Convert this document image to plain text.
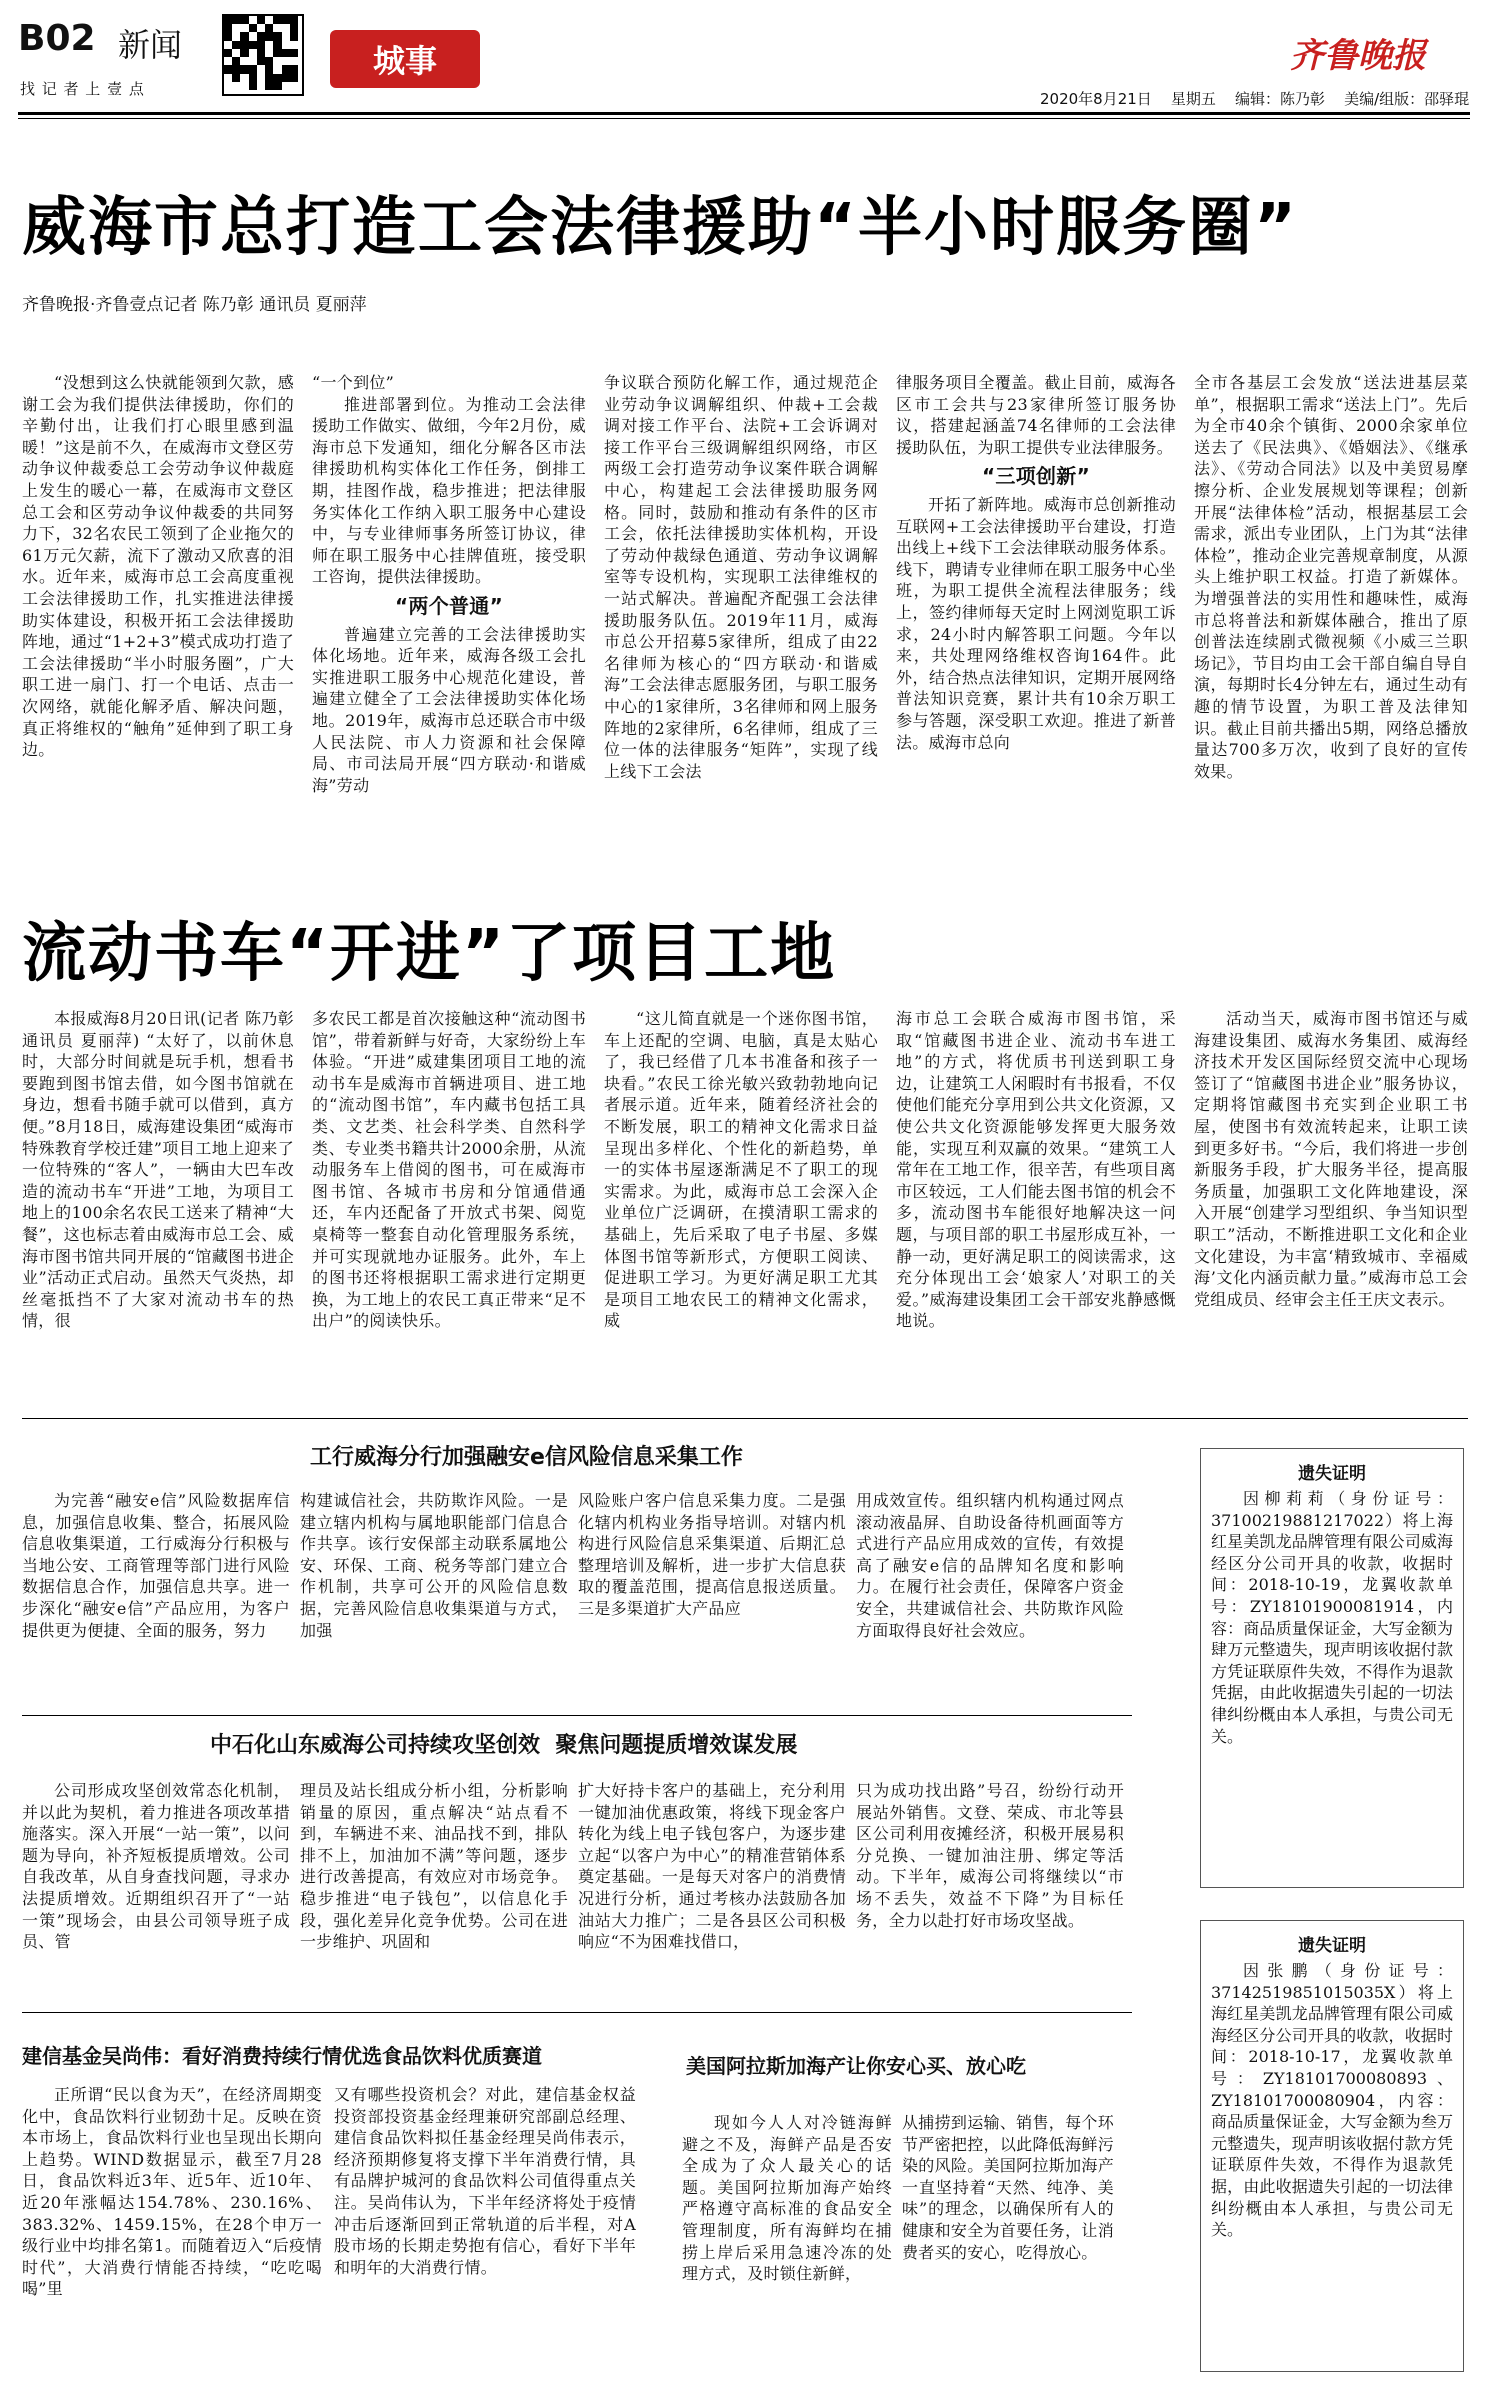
B02 新闻
找 记 者 上 壹 点
城事	齐鲁晚报
2020年8月21日 星期五 编辑：陈乃彰 美编/组版：邵驿琨
威海市总打造工会法律援助“半小时服务圈”
齐鲁晚报·齐鲁壹点记者 陈乃彰 通讯员 夏丽萍

“没想到这么快就能领到欠款，感谢工会为我们提供法律援助，你们的辛勤付出，让我们打心眼里感到温暖！”这是前不久，在威海市文登区劳动争议仲裁委总工会劳动争议仲裁庭上发生的暖心一幕，在威海市文登区总工会和区劳动争议仲裁委的共同努力下，32名农民工领到了企业拖欠的61万元欠薪，流下了激动又欣喜的泪水。近年来，威海市总工会高度重视工会法律援助工作，扎实推进法律援助实体建设，积极开拓工会法律援助阵地，通过“1+2+3”模式成功打造了工会法律援助“半小时服务圈”，广大职工进一扇门、打一个电话、点击一次网络，就能化解矛盾、解决问题，真正将维权的“触角”延伸到了职工身边。

“一个到位”

推进部署到位。为推动工会法律援助工作做实、做细，今年2月份，威海市总下发通知，细化分解各区市法律援助机构实体化工作任务，倒排工期，挂图作战，稳步推进；把法律服务实体化工作纳入职工服务中心建设中，与专业律师事务所签订协议，律师在职工服务中心挂牌值班，接受职工咨询，提供法律援助。

“两个普通”

普遍建立完善的工会法律援助实体化场地。近年来，威海各级工会扎实推进职工服务中心规范化建设，普遍建立健全了工会法律援助实体化场地。2019年，威海市总还联合市中级人民法院、市人力资源和社会保障局、市司法局开展“四方联动·和谐威海”劳动

争议联合预防化解工作，通过规范企业劳动争议调解组织、仲裁+工会裁调对接工作平台、法院+工会诉调对接工作平台三级调解组织网络，市区两级工会打造劳动争议案件联合调解中心，构建起工会法律援助服务网格。同时，鼓励和推动有条件的区市工会，依托法律援助实体机构，开设了劳动仲裁绿色通道、劳动争议调解室等专设机构，实现职工法律维权的一站式解决。普遍配齐配强工会法律援助服务队伍。2019年11月，威海市总公开招募5家律所，组成了由22名律师为核心的“四方联动·和谐威海”工会法律志愿服务团，与职工服务中心的1家律所，3名律师和网上服务阵地的2家律所，6名律师，组成了三位一体的法律服务“矩阵”，实现了线上线下工会法

律服务项目全覆盖。截止目前，威海各区市工会共与23家律所签订服务协议，搭建起涵盖74名律师的工会法律援助队伍，为职工提供专业法律服务。

“三项创新”

开拓了新阵地。威海市总创新推动互联网+工会法律援助平台建设，打造出线上+线下工会法律联动服务体系。线下，聘请专业律师在职工服务中心坐班，为职工提供全流程法律服务；线上，签约律师每天定时上网浏览职工诉求，24小时内解答职工问题。今年以来，共处理网络维权咨询164件。此外，结合热点法律知识，定期开展网络普法知识竞赛，累计共有10余万职工参与答题，深受职工欢迎。推进了新普法。威海市总向

全市各基层工会发放“送法进基层菜单”，根据职工需求“送法上门”。先后为全市40余个镇街、2000余家单位送去了《民法典》、《婚姻法》、《继承法》、《劳动合同法》以及中美贸易摩擦分析、企业发展规划等课程；创新开展“法律体检”活动，根据基层工会需求，派出专业团队，上门为其“法律体检”，推动企业完善规章制度，从源头上维护职工权益。打造了新媒体。为增强普法的实用性和趣味性，威海市总将普法和新媒体融合，推出了原创普法连续剧式微视频《小威三兰职场记》，节目均由工会干部自编自导自演，每期时长4分钟左右，通过生动有趣的情节设置，为职工普及法律知识。截止目前共播出5期，网络总播放量达700多万次，收到了良好的宣传效果。

流动书车“开进”了项目工地

本报威海8月20日讯(记者 陈乃彰 通讯员 夏丽萍) “太好了，以前休息时，大部分时间就是玩手机，想看书要跑到图书馆去借，如今图书馆就在身边，想看书随手就可以借到，真方便。”8月18日，威海建设集团“威海市特殊教育学校迁建”项目工地上迎来了一位特殊的“客人”，一辆由大巴车改造的流动书车“开进”工地，为项目工地上的100余名农民工送来了精神“大餐”，这也标志着由威海市总工会、威海市图书馆共同开展的“馆藏图书进企业”活动正式启动。虽然天气炎热，却丝毫抵挡不了大家对流动书车的热情，很

多农民工都是首次接触这种“流动图书馆”，带着新鲜与好奇，大家纷纷上车体验。“开进”威建集团项目工地的流动书车是威海市首辆进项目、进工地的“流动图书馆”，车内藏书包括工具类、文艺类、社会科学类、自然科学类、专业类书籍共计2000余册，从流动服务车上借阅的图书，可在威海市图书馆、各城市书房和分馆通借通还，车内还配备了开放式书架、阅览桌椅等一整套自动化管理服务系统，并可实现就地办证服务。此外，车上的图书还将根据职工需求进行定期更换，为工地上的农民工真正带来“足不出户”的阅读快乐。

“这儿简直就是一个迷你图书馆，车上还配的空调、电脑，真是太贴心了，我已经借了几本书准备和孩子一块看。”农民工徐光敏兴致勃勃地向记者展示道。近年来，随着经济社会的不断发展，职工的精神文化需求日益呈现出多样化、个性化的新趋势，单一的实体书屋逐渐满足不了职工的现实需求。为此，威海市总工会深入企业单位广泛调研，在摸清职工需求的基础上，先后采取了电子书屋、多媒体图书馆等新形式，方便职工阅读、促进职工学习。为更好满足职工尤其是项目工地农民工的精神文化需求，威

海市总工会联合威海市图书馆，采取“馆藏图书进企业、流动书车进工地”的方式，将优质书刊送到职工身边，让建筑工人闲暇时有书报看，不仅使他们能充分享用到公共文化资源，又使公共文化资源能够发挥更大服务效能，实现互利双赢的效果。“建筑工人常年在工地工作，很辛苦，有些项目离市区较远，工人们能去图书馆的机会不多，流动图书车能很好地解决这一问题，与项目部的职工书屋形成互补，一静一动，更好满足职工的阅读需求，这充分体现出工会‘娘家人’对职工的关爱。”威海建设集团工会干部安兆静感慨地说。

活动当天，威海市图书馆还与威海建设集团、威海水务集团、威海经济技术开发区国际经贸交流中心现场签订了“馆藏图书进企业”服务协议，定期将馆藏图书充实到企业职工书屋，使图书有效流转起来，让职工读到更多好书。“今后，我们将进一步创新服务手段，扩大服务半径，提高服务质量，加强职工文化阵地建设，深入开展“创建学习型组织、争当知识型职工”活动，不断推进职工文化和企业文化建设，为丰富‘精致城市、幸福威海’文化内涵贡献力量。”威海市总工会党组成员、经审会主任王庆文表示。

工行威海分行加强融安e信风险信息采集工作

为完善“融安e信”风险数据库信息，加强信息收集、整合，拓展风险信息收集渠道，工行威海分行积极与当地公安、工商管理等部门进行风险数据信息合作，加强信息共享。进一步深化“融安e信”产品应用，为客户提供更为便捷、全面的服务，努力

构建诚信社会，共防欺诈风险。一是建立辖内机构与属地职能部门信息合作共享。该行安保部主动联系属地公安、环保、工商、税务等部门建立合作机制，共享可公开的风险信息数据，完善风险信息收集渠道与方式，加强

风险账户客户信息采集力度。二是强化辖内机构业务指导培训。对辖内机构进行风险信息采集渠道、后期汇总整理培训及解析，进一步扩大信息获取的覆盖范围，提高信息报送质量。三是多渠道扩大产品应

用成效宣传。组织辖内机构通过网点滚动液晶屏、自助设备待机画面等方式进行产品应用成效的宣传，有效提高了融安e信的品牌知名度和影响力。在履行社会责任，保障客户资金安全，共建诚信社会、共防欺诈风险方面取得良好社会效应。

中石化山东威海公司持续攻坚创效  聚焦问题提质增效谋发展

公司形成攻坚创效常态化机制，并以此为契机，着力推进各项改革措施落实。深入开展“一站一策”，以问题为导向，补齐短板提质增效。公司自我改革，从自身查找问题，寻求办法提质增效。近期组织召开了“一站一策”现场会，由县公司领导班子成员、管

理员及站长组成分析小组，分析影响销量的原因，重点解决“站点看不到，车辆进不来、油品找不到，排队排不上，加油加不满”等问题，逐步进行改善提高，有效应对市场竞争。稳步推进“电子钱包”，以信息化手段，强化差异化竞争优势。公司在进一步维护、巩固和

扩大好持卡客户的基础上，充分利用一键加油优惠政策，将线下现金客户转化为线上电子钱包客户，为逐步建立起“以客户为中心”的精准营销体系奠定基础。一是每天对客户的消费情况进行分析，通过考核办法鼓励各加油站大力推广；二是各县区公司积极响应“不为困难找借口，

只为成功找出路”号召，纷纷行动开展站外销售。文登、荣成、市北等县区公司利用夜摊经济，积极开展易积分兑换、一键加油注册、绑定等活动。下半年，威海公司将继续以“市场不丢失，效益不下降”为目标任务，全力以赴打好市场攻坚战。

建信基金吴尚伟：看好消费持续行情优选食品饮料优质赛道

正所谓“民以食为天”，在经济周期变化中，食品饮料行业韧劲十足。反映在资本市场上，食品饮料行业也呈现出长期向上趋势。WIND数据显示，截至7月28日，食品饮料近3年、近5年、近10年、近20年涨幅达154.78%、230.16%、383.32%、1459.15%，在28个申万一级行业中均排名第1。而随着迈入“后疫情时代”，大消费行情能否持续，“吃吃喝喝”里

又有哪些投资机会？对此，建信基金权益投资部投资基金经理兼研究部副总经理、建信食品饮料拟任基金经理吴尚伟表示，经济预期修复将支撑下半年消费行情，具有品牌护城河的食品饮料公司值得重点关注。吴尚伟认为，下半年经济将处于疫情冲击后逐渐回到正常轨道的后半程，对A股市场的长期走势抱有信心，看好下半年和明年的大消费行情。

美国阿拉斯加海产让你安心买、放心吃

现如今人人对冷链海鲜避之不及，海鲜产品是否安全成为了众人最关心的话题。美国阿拉斯加海产始终严格遵守高标准的食品安全管理制度，所有海鲜均在捕捞上岸后采用急速冷冻的处理方式，及时锁住新鲜，

从捕捞到运输、销售，每个环节严密把控，以此降低海鲜污染的风险。美国阿拉斯加海产一直坚持着“天然、纯净、美味”的理念，以确保所有人的健康和安全为首要任务，让消费者买的安心，吃得放心。

遗失证明
因柳莉莉（身份证号：37100219881217022）将上海红星美凯龙品牌管理有限公司威海经区分公司开具的收款，收据时间：2018-10-19，龙翼收款单号：ZY18101900081914，内容：商品质量保证金，大写金额为肆万元整遗失，现声明该收据付款方凭证联原件失效，不得作为退款凭据，由此收据遗失引起的一切法律纠纷概由本人承担，与贵公司无关。
遗失证明
因张鹏（身份证号：37142519851015035X）将上海红星美凯龙品牌管理有限公司威海经区分公司开具的收款，收据时间：2018-10-17，龙翼收款单号：ZY18101700080893、ZY18101700080904，内容：商品质量保证金，大写金额为叁万元整遗失，现声明该收据付款方凭证联原件失效，不得作为退款凭据，由此收据遗失引起的一切法律纠纷概由本人承担，与贵公司无关。
